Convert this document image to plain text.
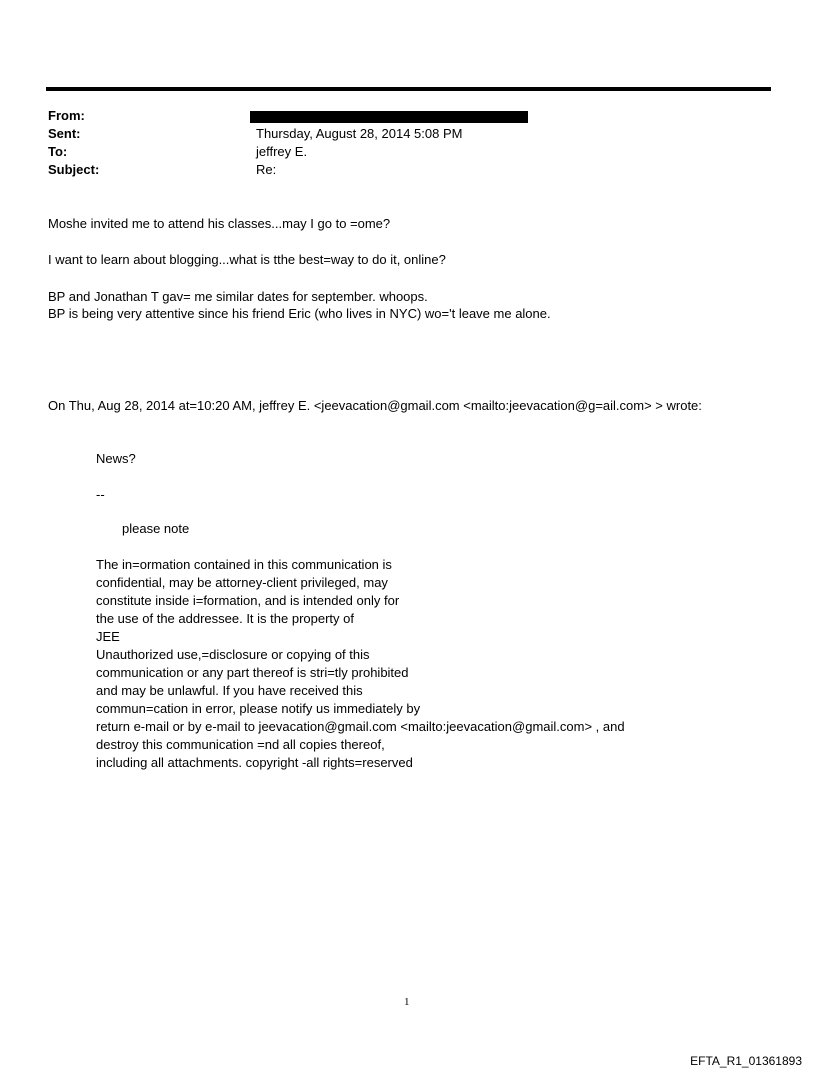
From:
Sent:	Thursday, August 28, 2014 5:08 PM
To:	jeffrey E.
Subject:	Re:
Moshe invited me to attend his classes...may I go to =ome?
I want to learn about blogging...what is tthe best=way to do it, online?
BP and Jonathan T gav= me similar dates for september. whoops.
BP is being very attentive since his friend Eric (who lives in NYC) wo='t leave me alone.
On Thu, Aug 28, 2014 at=10:20 AM, jeffrey E. <jeevacation@gmail.com <mailto:jeevacation@g=ail.com> > wrote:
News?
--
please note
The in=ormation contained in this communication is
confidential, may be attorney-client privileged, may
constitute inside i=formation, and is intended only for
the use of the addressee. It is the property of
JEE
Unauthorized use,=disclosure or copying of this
communication or any part thereof is stri=tly prohibited
and may be unlawful. If you have received this
commun=cation in error, please notify us immediately by
return e-mail or by e-mail to jeevacation@gmail.com <mailto:jeevacation@gmail.com> , and
destroy this communication =nd all copies thereof,
including all attachments. copyright -all rights=reserved
1
EFTA_R1_01361893
